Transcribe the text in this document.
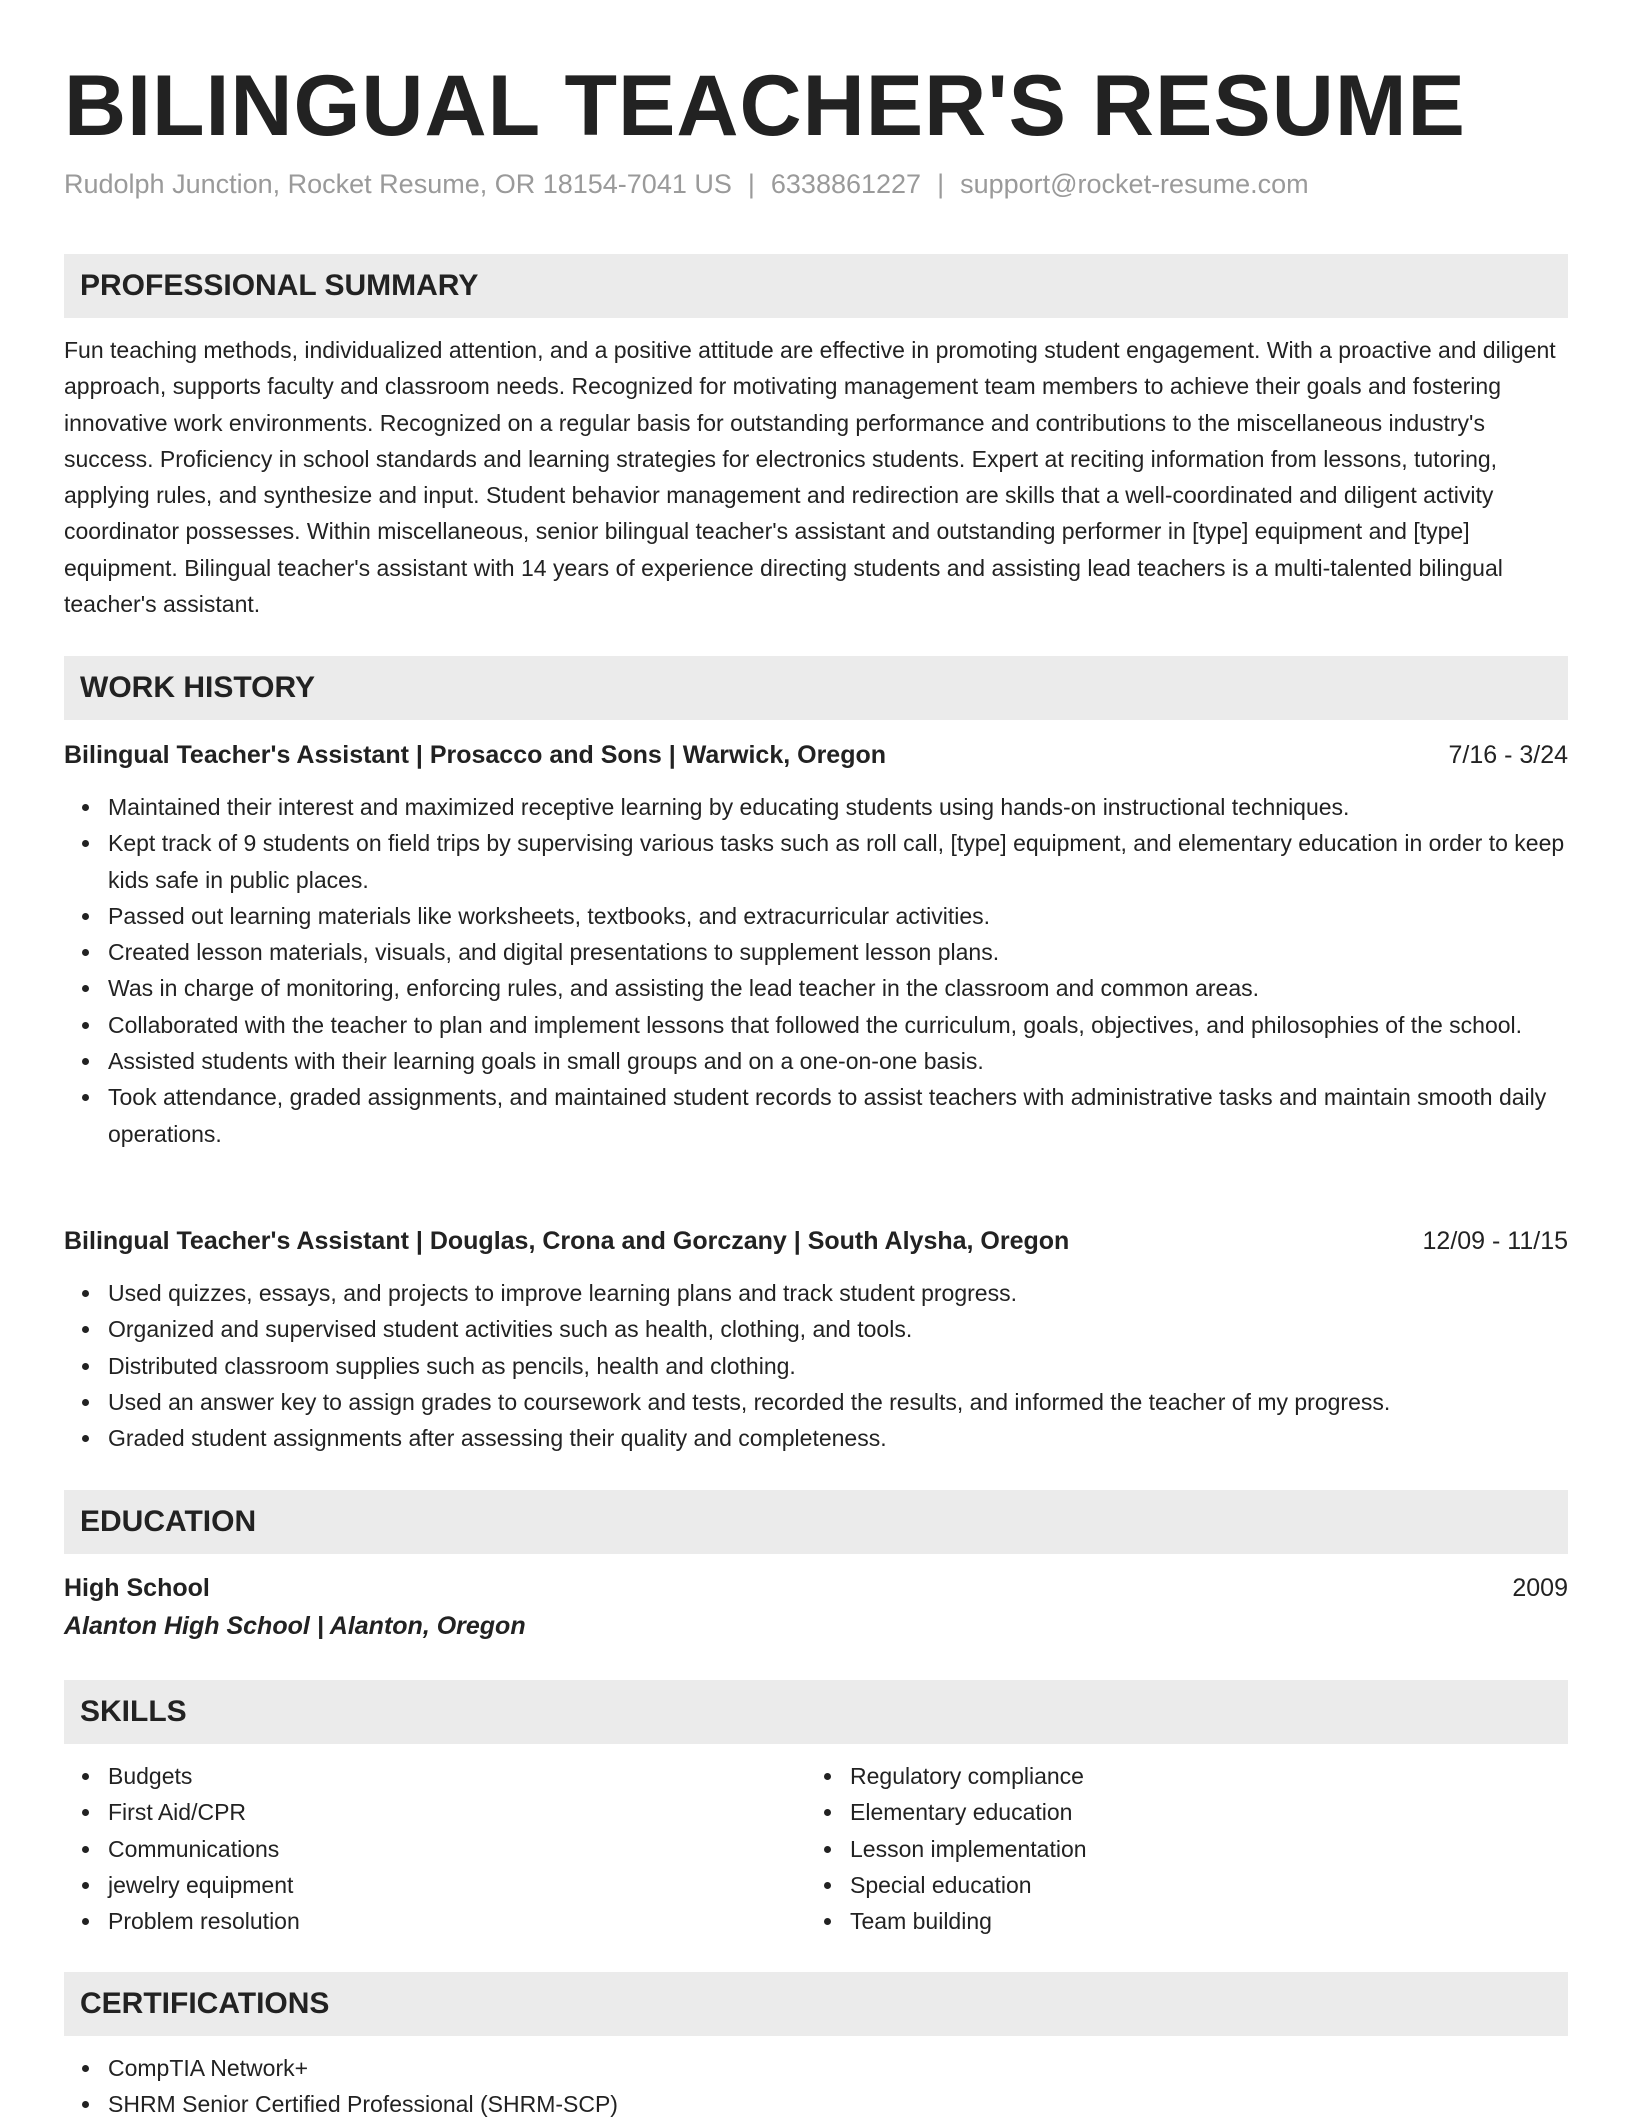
BILINGUAL TEACHER'S RESUME
Rudolph Junction, Rocket Resume, OR 18154-7041 US | 6338861227 | support@rocket-resume.com
PROFESSIONAL SUMMARY

Fun teaching methods, individualized attention, and a positive attitude are effective in promoting student engagement. With a proactive and diligent approach, supports faculty and classroom needs. Recognized for motivating management team members to achieve their goals and fostering innovative work environments. Recognized on a regular basis for outstanding performance and contributions to the miscellaneous industry's success. Proficiency in school standards and learning strategies for electronics students. Expert at reciting information from lessons, tutoring, applying rules, and synthesize and input. Student behavior management and redirection are skills that a well-coordinated and diligent activity coordinator possesses. Within miscellaneous, senior bilingual teacher's assistant and outstanding performer in [type] equipment and [type] equipment. Bilingual teacher's assistant with 14 years of experience directing students and assisting lead teachers is a multi-talented bilingual teacher's assistant.

WORK HISTORY
Bilingual Teacher's Assistant | Prosacco and Sons | Warwick, Oregon	7/16 - 3/24
Maintained their interest and maximized receptive learning by educating students using hands-on instructional techniques.
Kept track of 9 students on field trips by supervising various tasks such as roll call, [type] equipment, and elementary education in order to keep kids safe in public places.
Passed out learning materials like worksheets, textbooks, and extracurricular activities.
Created lesson materials, visuals, and digital presentations to supplement lesson plans.
Was in charge of monitoring, enforcing rules, and assisting the lead teacher in the classroom and common areas.
Collaborated with the teacher to plan and implement lessons that followed the curriculum, goals, objectives, and philosophies of the school.
Assisted students with their learning goals in small groups and on a one-on-one basis.
Took attendance, graded assignments, and maintained student records to assist teachers with administrative tasks and maintain smooth daily operations.
Bilingual Teacher's Assistant | Douglas, Crona and Gorczany | South Alysha, Oregon	12/09 - 11/15
Used quizzes, essays, and projects to improve learning plans and track student progress.
Organized and supervised student activities such as health, clothing, and tools.
Distributed classroom supplies such as pencils, health and clothing.
Used an answer key to assign grades to coursework and tests, recorded the results, and informed the teacher of my progress.
Graded student assignments after assessing their quality and completeness.
EDUCATION
High School	2009
Alanton High School | Alanton, Oregon
SKILLS
Budgets
First Aid/CPR
Communications
jewelry equipment
Problem resolution
Regulatory compliance
Elementary education
Lesson implementation
Special education
Team building
CERTIFICATIONS
CompTIA Network+
SHRM Senior Certified Professional (SHRM-SCP)
